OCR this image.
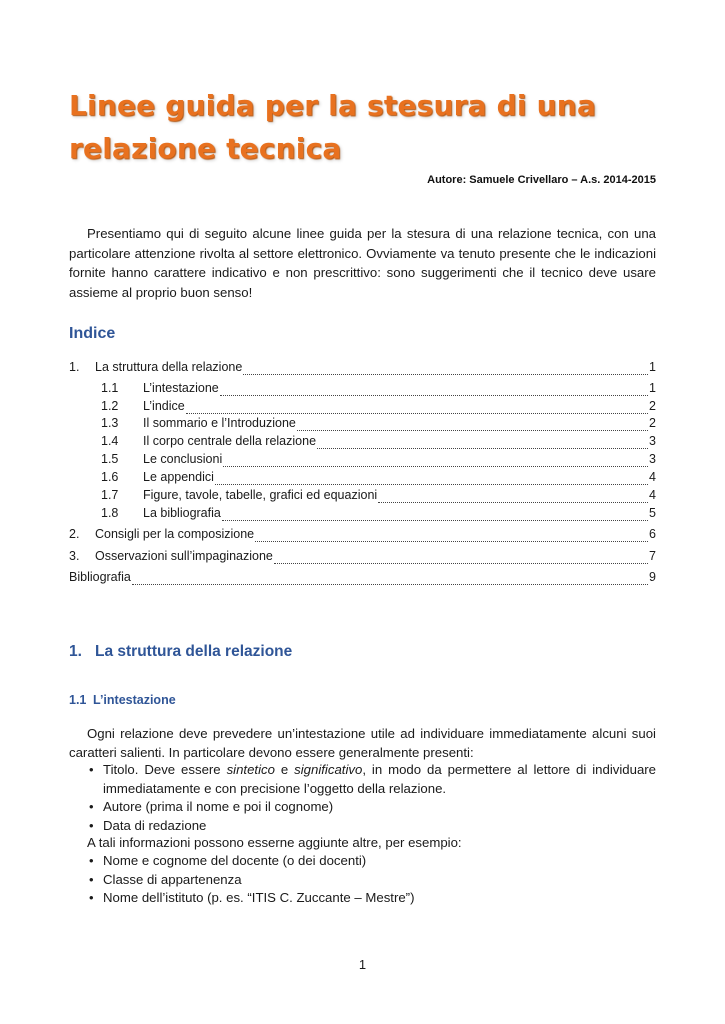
Linee guida per la stesura di una
relazione tecnica
Autore: Samuele Crivellaro – A.s. 2014-2015

Presentiamo qui di seguito alcune linee guida per la stesura di una relazione tecnica, con una particolare attenzione rivolta al settore elettronico. Ovviamente va tenuto presente che le indicazioni fornite hanno carattere indicativo e non prescrittivo: sono suggerimenti che il tecnico deve usare assieme al proprio buon senso!

Indice
1.	La struttura della relazione	1
1.1	L’intestazione	1
1.2	L’indice	2
1.3	Il sommario e l’Introduzione	2
1.4	Il corpo centrale della relazione	3
1.5	Le conclusioni	3
1.6	Le appendici	4
1.7	Figure, tavole, tabelle, grafici ed equazioni	4
1.8	La bibliografia	5
2.	Consigli per la composizione	6
3.	Osservazioni sull’impaginazione	7
Bibliografia	9
1. La struttura della relazione
1.1 L’intestazione

Ogni relazione deve prevedere un’intestazione utile ad individuare immediatamente alcuni suoi caratteri salienti. In particolare devono essere generalmente presenti:

• Titolo. Deve essere sintetico e significativo, in modo da permettere al lettore di individuare immediatamente e con precisione l’oggetto della relazione.
• Autore (prima il nome e poi il cognome)
• Data di redazione

A tali informazioni possono esserne aggiunte altre, per esempio:

• Nome e cognome del docente (o dei docenti)
• Classe di appartenenza
• Nome dell’istituto (p. es. “ITIS C. Zuccante – Mestre”)
1
